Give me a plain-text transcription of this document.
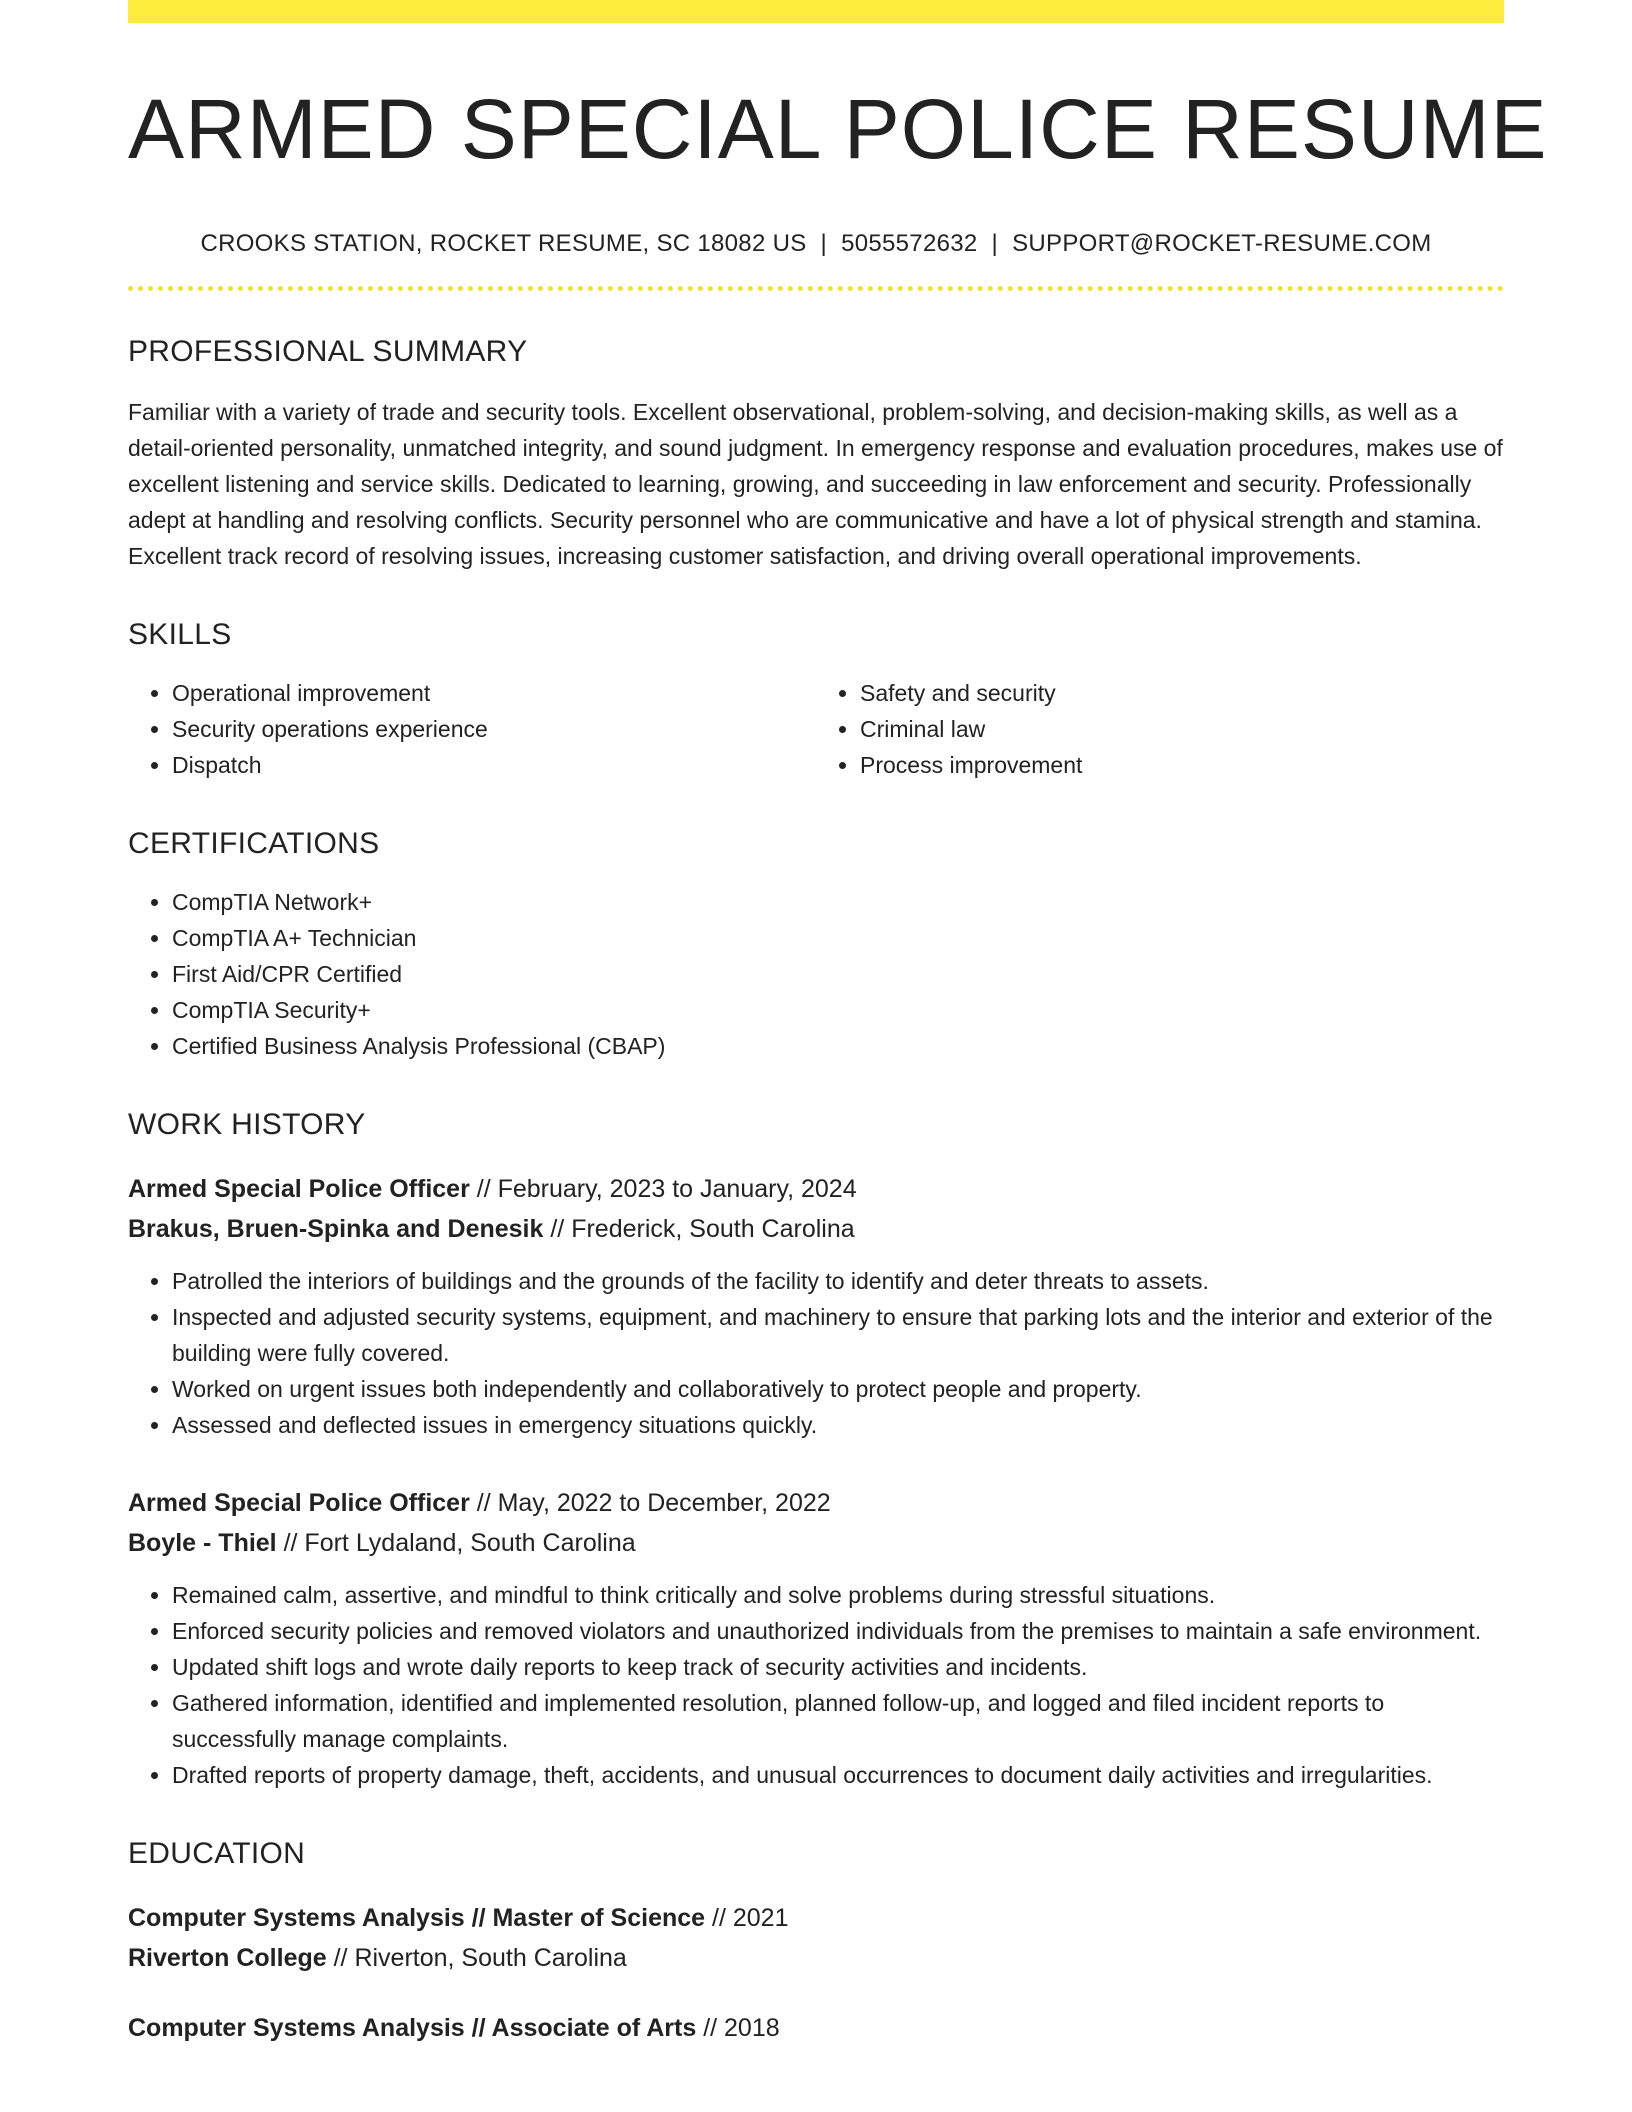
ARMED SPECIAL POLICE RESUME
CROOKS STATION, ROCKET RESUME, SC 18082 US | 5055572632 | SUPPORT@ROCKET-RESUME.COM
PROFESSIONAL SUMMARY
Familiar with a variety of trade and security tools. Excellent observational, problem-solving, and decision-making skills, as well as a detail-oriented personality, unmatched integrity, and sound judgment. In emergency response and evaluation procedures, makes use of excellent listening and service skills. Dedicated to learning, growing, and succeeding in law enforcement and security. Professionally adept at handling and resolving conflicts. Security personnel who are communicative and have a lot of physical strength and stamina. Excellent track record of resolving issues, increasing customer satisfaction, and driving overall operational improvements.
SKILLS
• Operational improvement
• Security operations experience
• Dispatch
• Safety and security
• Criminal law
• Process improvement
CERTIFICATIONS
• CompTIA Network+
• CompTIA A+ Technician
• First Aid/CPR Certified
• CompTIA Security+
• Certified Business Analysis Professional (CBAP)
WORK HISTORY
Armed Special Police Officer // February, 2023 to January, 2024
Brakus, Bruen-Spinka and Denesik // Frederick, South Carolina
• Patrolled the interiors of buildings and the grounds of the facility to identify and deter threats to assets.
• Inspected and adjusted security systems, equipment, and machinery to ensure that parking lots and the interior and exterior of the building were fully covered.
• Worked on urgent issues both independently and collaboratively to protect people and property.
• Assessed and deflected issues in emergency situations quickly.
Armed Special Police Officer // May, 2022 to December, 2022
Boyle - Thiel // Fort Lydaland, South Carolina
• Remained calm, assertive, and mindful to think critically and solve problems during stressful situations.
• Enforced security policies and removed violators and unauthorized individuals from the premises to maintain a safe environment.
• Updated shift logs and wrote daily reports to keep track of security activities and incidents.
• Gathered information, identified and implemented resolution, planned follow-up, and logged and filed incident reports to successfully manage complaints.
• Drafted reports of property damage, theft, accidents, and unusual occurrences to document daily activities and irregularities.
EDUCATION
Computer Systems Analysis // Master of Science // 2021
Riverton College // Riverton, South Carolina
Computer Systems Analysis // Associate of Arts // 2018
